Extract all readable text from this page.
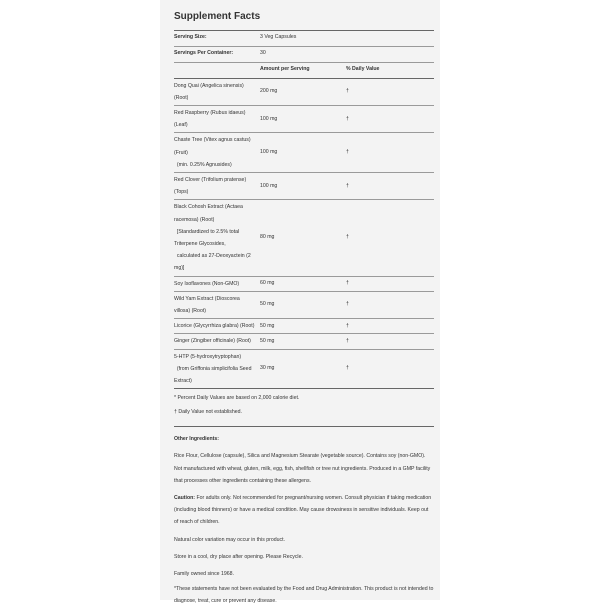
Supplement Facts
Serving Size:	3 Veg Capsules
Servings Per Container:	30
Amount per Serving	% Daily Value
Dong Quai (Angelica sinensis)
(Root)
200 mg	†
Red Raspberry (Rubus idaeus)
(Leaf)
100 mg	†
Chaste Tree (Vitex agnus castus)
(Fruit)
(min. 0.25% Agnusides)
100 mg	†
Red Clover (Trifolium pratense)
(Tops)
100 mg	†
Black Cohosh Extract (Actaea
racemosa) (Root)
[Standardized to 2.5% total
Triterpene Glycosides,
calculated as 27-Deoxyactein (2
mg)]
80 mg	†
Soy Isoflavones (Non-GMO)	60 mg	†
Wild Yam Extract (Dioscorea
villosa) (Root)
50 mg	†
Licorice (Glycyrrhiza glabra) (Root)	50 mg	†
Ginger (Zingiber officinale) (Root)	50 mg	†
5-HTP (5-hydroxytryptophan)
(from Griffonia simplicifolia Seed
Extract)
30 mg	†
* Percent Daily Values are based on 2,000 calorie diet.
† Daily Value not established.
Other Ingredients:
Rice Flour, Cellulose (capsule), Silica and Magnesium Stearate (vegetable source). Contains soy (non-GMO).
Not manufactured with wheat, gluten, milk, egg, fish, shellfish or tree nut ingredients. Produced in a GMP facility that processes other ingredients containing these allergens.
Caution: For adults only. Not recommended for pregnant/nursing women. Consult physician if taking medication (including blood thinners) or have a medical condition. May cause drowsiness in sensitive individuals. Keep out of reach of children.
Natural color variation may occur in this product.
Store in a cool, dry place after opening. Please Recycle.
Family owned since 1968.
*These statements have not been evaluated by the Food and Drug Administration. This product is not intended to diagnose, treat, cure or prevent any disease.
